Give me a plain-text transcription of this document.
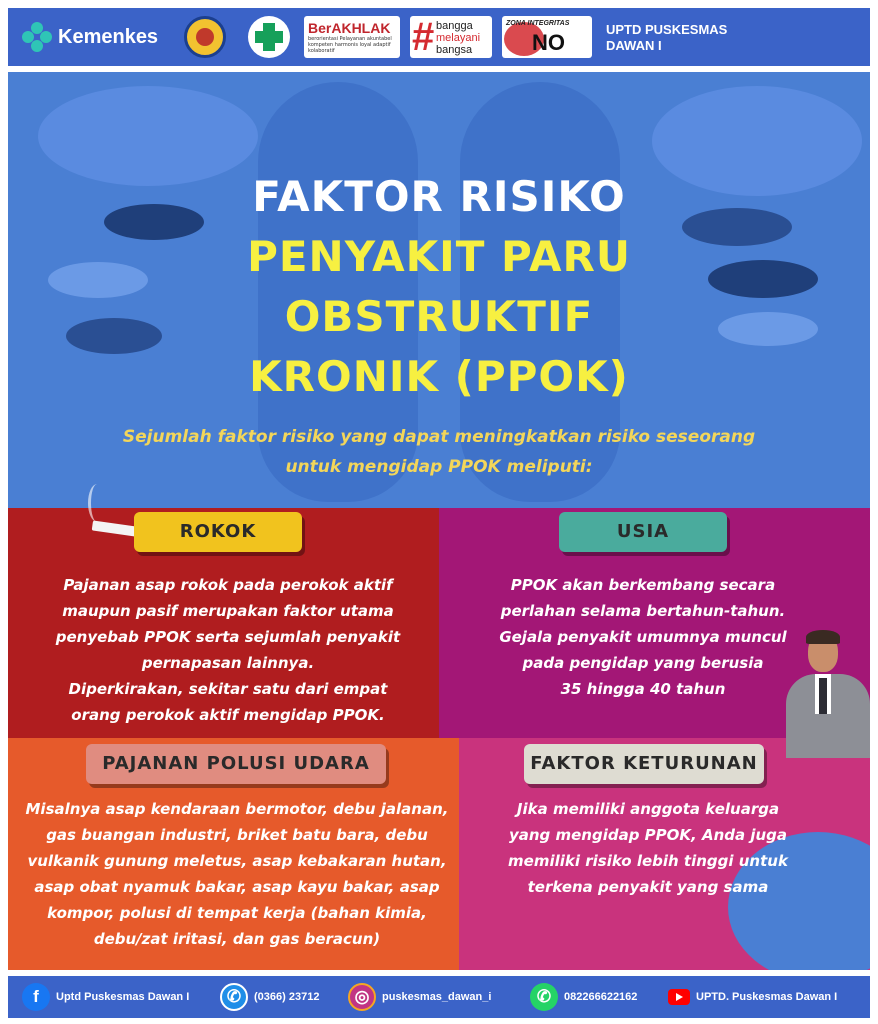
Kemenkes	BerAKHLAK
berorientasi Pelayanan akuntabel kompeten harmonis loyal adaptif kolaboratif	# bangga
melayani
bangsa
ZONA INTEGRITAS
NO
UPTD PUSKESMAS
DAWAN I
FAKTOR RISIKO
PENYAKIT PARU
OBSTRUKTIF
KRONIK (PPOK)
Sejumlah faktor risiko yang dapat meningkatkan risiko seseorang
untuk mengidap PPOK meliputi:
ROKOK	USIA
PAJANAN POLUSI UDARA	FAKTOR KETURUNAN
Pajanan asap rokok pada perokok aktif
maupun pasif merupakan faktor utama
penyebab PPOK serta sejumlah penyakit
pernapasan lainnya.
Diperkirakan, sekitar satu dari empat
orang perokok aktif mengidap PPOK.
PPOK akan berkembang secara
perlahan selama bertahun-tahun.
Gejala penyakit umumnya muncul
pada pengidap yang berusia
35 hingga 40 tahun
Misalnya asap kendaraan bermotor, debu jalanan,
gas buangan industri, briket batu bara, debu
vulkanik gunung meletus, asap kebakaran hutan,
asap obat nyamuk bakar, asap kayu bakar, asap
kompor, polusi di tempat kerja (bahan kimia,
debu/zat iritasi, dan gas beracun)
Jika memiliki anggota keluarga
yang mengidap PPOK, Anda juga
memiliki risiko lebih tinggi untuk
terkena penyakit yang sama
f	Uptd Puskesmas Dawan I	✆	(0366) 23712	◎	puskesmas_dawan_i	✆	082266622162	UPTD. Puskesmas Dawan I
